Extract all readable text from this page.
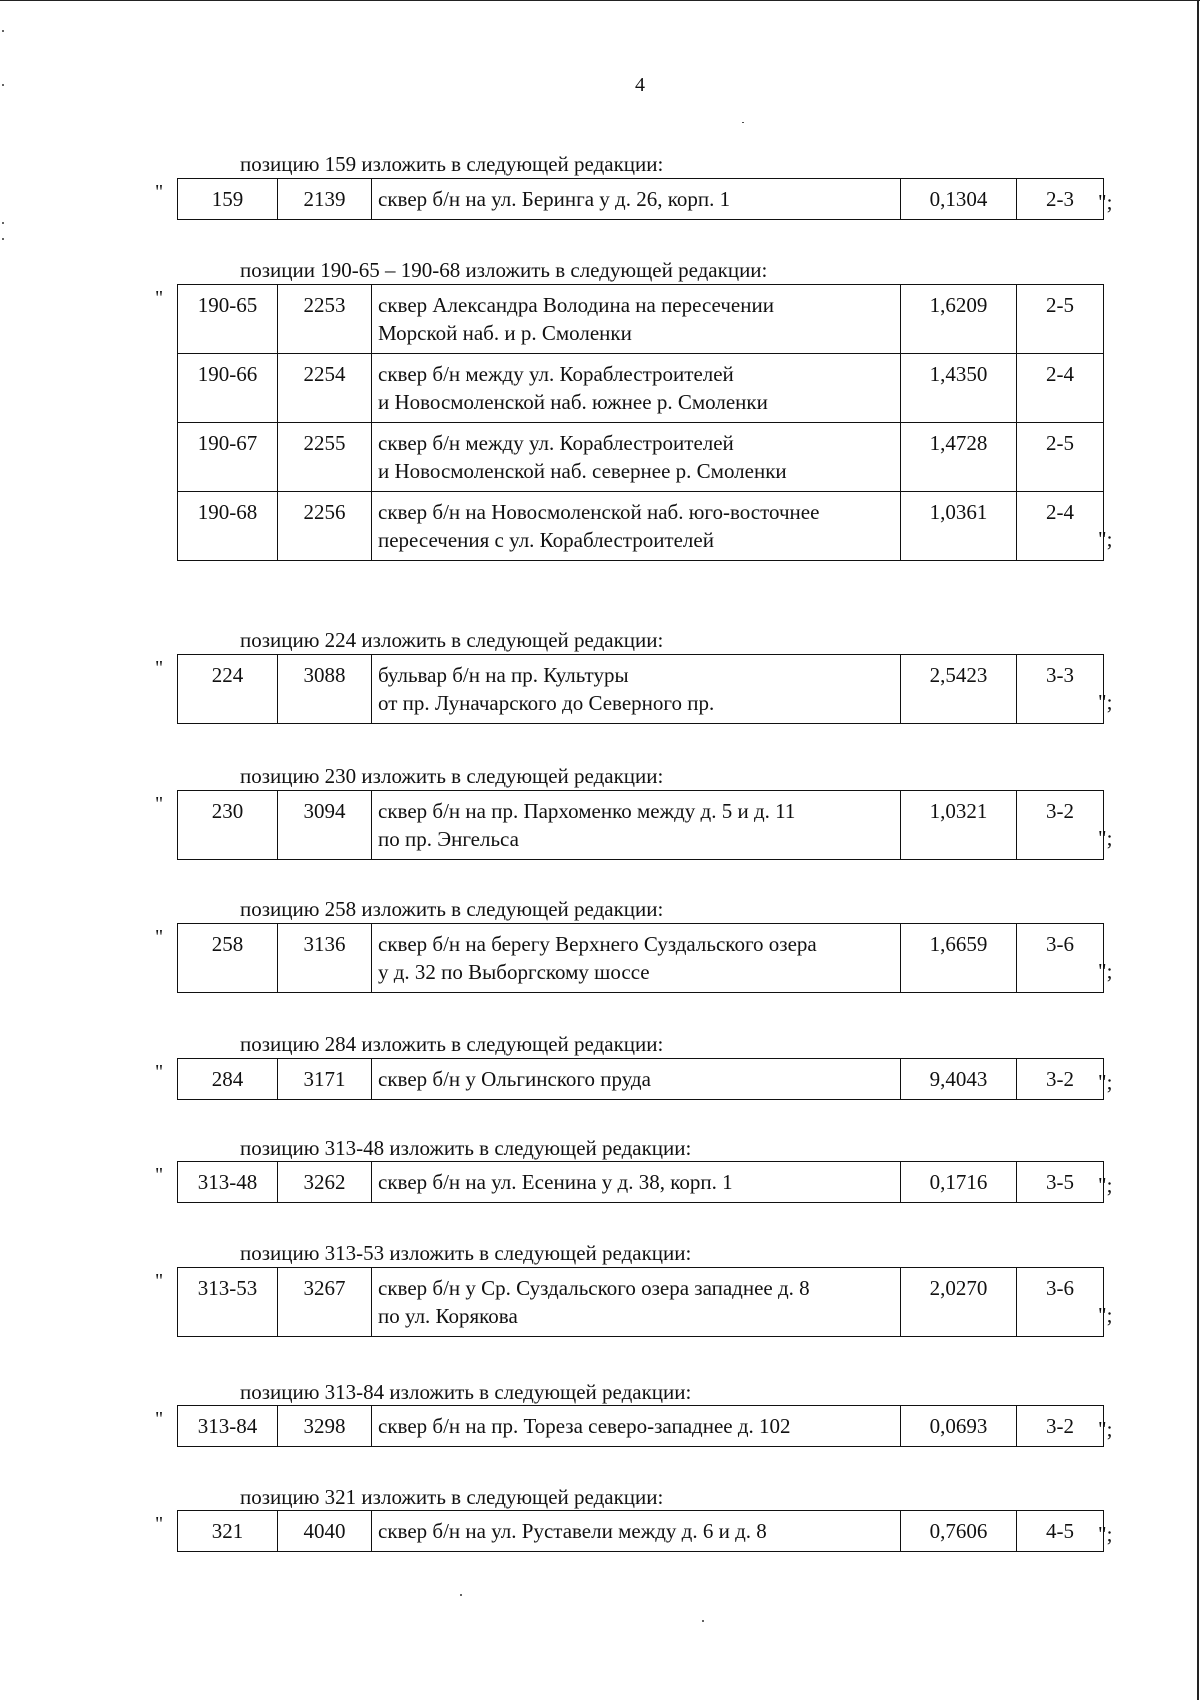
4
позицию 159 изложить в следующей редакции:
" 159	2139	сквер б/н на ул. Беринга у д. 26, корп. 1	0,1304	2-3 ";
позиции 190-65 – 190-68 изложить в следующей редакции:
" 190-65	2253	сквер Александра Володина на пересечении
Морской наб. и р. Смоленки	1,6209	2-5
190-66	2254	сквер б/н между ул. Кораблестроителей
и Новосмоленской наб. южнее р. Смоленки	1,4350	2-4
190-67	2255	сквер б/н между ул. Кораблестроителей
и Новосмоленской наб. севернее р. Смоленки	1,4728	2-5
190-68	2256	сквер б/н на Новосмоленской наб. юго-восточнее
пересечения с ул. Кораблестроителей	1,0361	2-4
";
позицию 224 изложить в следующей редакции:
" 224	3088	бульвар б/н на пр. Культуры
от пр. Луначарского до Северного пр.
	2,5423	3-3
";
позицию 230 изложить в следующей редакции:
" 230	3094	сквер б/н на пр. Пархоменко между д. 5 и д. 11
по пр. Энгельса
	1,0321	3-2
";
позицию 258 изложить в следующей редакции:
" 258	3136	сквер б/н на берегу Верхнего Суздальского озера
у д. 32 по Выборгскому шоссе
	1,6659	3-6
";
позицию 284 изложить в следующей редакции:
" 284	3171	сквер б/н у Ольгинского пруда	9,4043	3-2 ";
позицию 313-48 изложить в следующей редакции:
" 313-48	3262	сквер б/н на ул. Есенина у д. 38, корп. 1	0,1716	3-5 ";
позицию 313-53 изложить в следующей редакции:
" 313-53	3267	сквер б/н у Ср. Суздальского озера западнее д. 8
по ул. Корякова
	2,0270	3-6
";
позицию 313-84 изложить в следующей редакции:
" 313-84	3298	сквер б/н на пр. Тореза северо-западнее д. 102	0,0693	3-2 ";
позицию 321 изложить в следующей редакции:
" 321	4040	сквер б/н на ул. Руставели между д. 6 и д. 8	0,7606	4-5 ";
